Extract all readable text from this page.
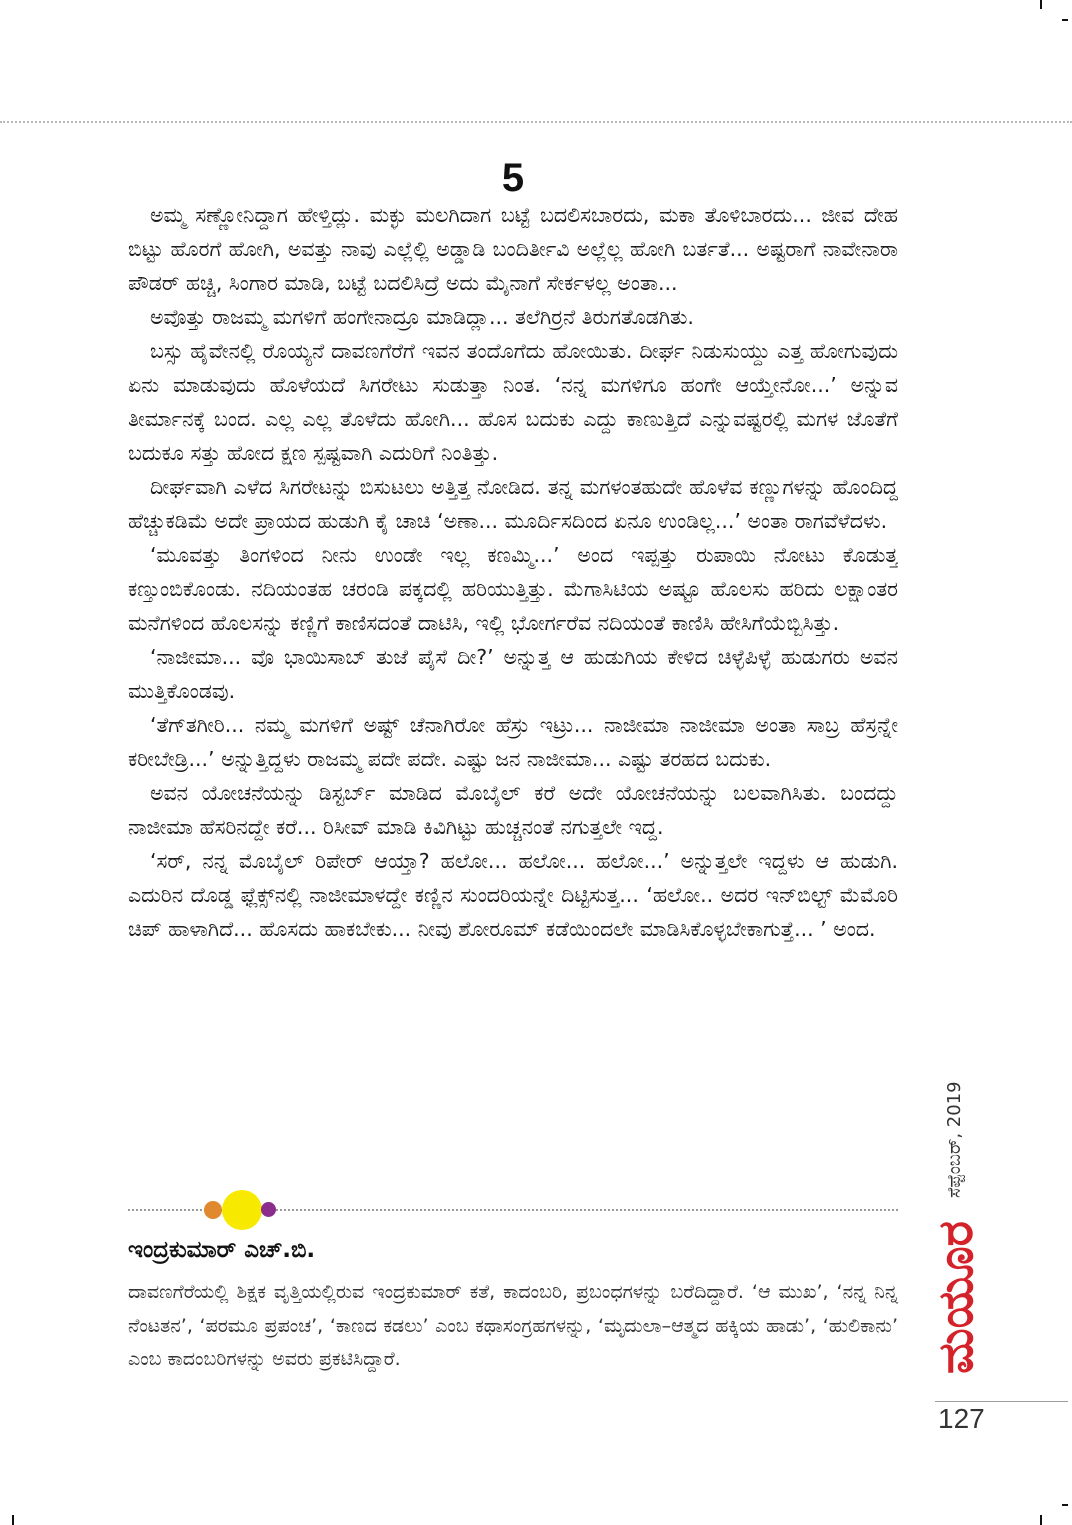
5

ಅಮ್ಮ ಸಣ್ಣೋನಿದ್ದಾಗ ಹೇಳ್ತಿದ್ಲು. ಮಕ್ಳು ಮಲಗಿದಾಗ ಬಟ್ಟೆ ಬದಲಿಸಬಾರದು, ಮಕಾ ತೊಳಿಬಾರದು... ಜೀವ ದೇಹ ಬಿಟ್ಟು ಹೊರಗೆ ಹೋಗಿ, ಅವತ್ತು ನಾವು ಎಲ್ಲೆಲ್ಲಿ ಅಡ್ಡಾಡಿ ಬಂದಿರ್ತೀವಿ ಅಲ್ಲೆಲ್ಲ ಹೋಗಿ ಬರ್ತತೆ... ಅಷ್ಟರಾಗೆ ನಾವೇನಾರಾ ಪೌಡರ್ ಹಚ್ಚಿ, ಸಿಂಗಾರ ಮಾಡಿ, ಬಟ್ಟೆ ಬದಲಿಸಿದ್ರೆ ಅದು ಮೈನಾಗೆ ಸೇರ್ಕಳಲ್ಲ ಅಂತಾ...

ಅವೊತ್ತು ರಾಜಮ್ಮ ಮಗಳಿಗೆ ಹಂಗೇನಾದ್ರೂ ಮಾಡಿದ್ಲಾ... ತಲೆಗಿರ್ರನೆ ತಿರುಗತೊಡಗಿತು.

ಬಸ್ಸು ಹೈವೇನಲ್ಲಿ ರೊಯ್ಯನೆ ದಾವಣಗೆರೆಗೆ ಇವನ ತಂದೊಗೆದು ಹೋಯಿತು. ದೀರ್ಘ ನಿಡುಸುಯ್ದು ಎತ್ತ ಹೋಗುವುದು ಏನು ಮಾಡುವುದು ಹೊಳೆಯದೆ ಸಿಗರೇಟು ಸುಡುತ್ತಾ ನಿಂತ. ‘ನನ್ನ ಮಗಳಿಗೂ ಹಂಗೇ ಆಯ್ತೇನೋ...’ ಅನ್ನುವ ತೀರ್ಮಾನಕ್ಕೆ ಬಂದ. ಎಲ್ಲ ಎಲ್ಲ ತೊಳೆದು ಹೋಗಿ... ಹೊಸ ಬದುಕು ಎದ್ದು ಕಾಣುತ್ತಿದೆ ಎನ್ನುವಷ್ಟರಲ್ಲಿ ಮಗಳ ಜೊತೆಗೆ ಬದುಕೂ ಸತ್ತು ಹೋದ ಕ್ಷಣ ಸ್ಪಷ್ಟವಾಗಿ ಎದುರಿಗೆ ನಿಂತಿತ್ತು.

ದೀರ್ಘವಾಗಿ ಎಳೆದ ಸಿಗರೇಟನ್ನು ಬಿಸುಟಲು ಅತ್ತಿತ್ತ ನೋಡಿದ. ತನ್ನ ಮಗಳಂತಹುದೇ ಹೊಳೆವ ಕಣ್ಣುಗಳನ್ನು ಹೊಂದಿದ್ದ ಹೆಚ್ಚುಕಡಿಮೆ ಅದೇ ಪ್ರಾಯದ ಹುಡುಗಿ ಕೈ ಚಾಚಿ ‘ಅಣಾ... ಮೂರ್ದಿಸದಿಂದ ಏನೂ ಉಂಡಿಲ್ಲ...’ ಅಂತಾ ರಾಗವೆಳೆದಳು.

‘ಮೂವತ್ತು ತಿಂಗಳಿಂದ ನೀನು ಉಂಡೇ ಇಲ್ಲ ಕಣಮ್ಮಿ...’ ಅಂದ ಇಪ್ಪತ್ತು ರುಪಾಯಿ ನೋಟು ಕೊಡುತ್ತ ಕಣ್ತುಂಬಿಕೊಂಡು. ನದಿಯಂತಹ ಚರಂಡಿ ಪಕ್ಕದಲ್ಲಿ ಹರಿಯುತ್ತಿತ್ತು. ಮೆಗಾಸಿಟಿಯ ಅಷ್ಟೂ ಹೊಲಸು ಹರಿದು ಲಕ್ಷಾಂತರ ಮನೆಗಳಿಂದ ಹೊಲಸನ್ನು ಕಣ್ಣಿಗೆ ಕಾಣಿಸದಂತೆ ದಾಟಿಸಿ, ಇಲ್ಲಿ ಭೋರ್ಗರೆವ ನದಿಯಂತೆ ಕಾಣಿಸಿ ಹೇಸಿಗೆಯೆಬ್ಬಿಸಿತ್ತು.

‘ನಾಜೀಮಾ... ವೊ ಭಾಯಿಸಾಬ್ ತುಜೆ ಪೈಸೆ ದೀ?’ ಅನ್ನುತ್ತ ಆ ಹುಡುಗಿಯ ಕೇಳಿದ ಚಿಳ್ಳೆಪಿಳ್ಳೆ ಹುಡುಗರು ಅವನ ಮುತ್ತಿಕೊಂಡವು.

‘ತೆಗ್‌ತಗೀರಿ... ನಮ್ಮ ಮಗಳಿಗೆ ಅಷ್ಟ್ ಚೆನಾಗಿರೋ ಹೆಸ್ರು ಇಟ್ರು... ನಾಜೀಮಾ ನಾಜೀಮಾ ಅಂತಾ ಸಾಬ್ರ ಹೆಸ್ರನ್ನೇ ಕರೀಬೇಡ್ರಿ...’ ಅನ್ನುತ್ತಿದ್ದಳು ರಾಜಮ್ಮ ಪದೇ ಪದೇ. ಎಷ್ಟು ಜನ ನಾಜೀಮಾ... ಎಷ್ಟು ತರಹದ ಬದುಕು.

ಅವನ ಯೋಚನೆಯನ್ನು ಡಿಸ್ಟರ್ಬ್ ಮಾಡಿದ ಮೊಬೈಲ್ ಕರೆ ಅದೇ ಯೋಚನೆಯನ್ನು ಬಲವಾಗಿಸಿತು. ಬಂದದ್ದು ನಾಜೀಮಾ ಹೆಸರಿನದ್ದೇ ಕರೆ... ರಿಸೀವ್ ಮಾಡಿ ಕಿವಿಗಿಟ್ಟು ಹುಚ್ಚನಂತೆ ನಗುತ್ತಲೇ ಇದ್ದ.

‘ಸರ್, ನನ್ನ ಮೊಬೈಲ್ ರಿಪೇರ್ ಆಯ್ತಾ? ಹಲೋ... ಹಲೋ... ಹಲೋ...’ ಅನ್ನುತ್ತಲೇ ಇದ್ದಳು ಆ ಹುಡುಗಿ. ಎದುರಿನ ದೊಡ್ಡ ಫ್ಲೆಕ್ಸ್‌ನಲ್ಲಿ ನಾಜೀಮಾಳದ್ದೇ ಕಣ್ಣಿನ ಸುಂದರಿಯನ್ನೇ ದಿಟ್ಟಿಸುತ್ತ... ‘ಹಲೋ.. ಅದರ ಇನ್‌ಬಿಲ್ಟ್ ಮೆಮೊರಿ ಚಿಪ್ ಹಾಳಾಗಿದೆ... ಹೊಸದು ಹಾಕಬೇಕು... ನೀವು ಶೋರೂಮ್ ಕಡೆಯಿಂದಲೇ ಮಾಡಿಸಿಕೊಳ್ಳಬೇಕಾಗುತ್ತೆ... ’ ಅಂದ.

ಇಂದ್ರಕುಮಾರ್ ಎಚ್.ಬಿ.

ದಾವಣಗೆರೆಯಲ್ಲಿ ಶಿಕ್ಷಕ ವೃತ್ತಿಯಲ್ಲಿರುವ ಇಂದ್ರಕುಮಾರ್ ಕತೆ, ಕಾದಂಬರಿ, ಪ್ರಬಂಧಗಳನ್ನು ಬರೆದಿದ್ದಾರೆ. ‘ಆ ಮುಖ’, ‘ನನ್ನ ನಿನ್ನ ನೆಂಟತನ’, ‘ಪರಮೂ ಪ್ರಪಂಚ’, ‘ಕಾಣದ ಕಡಲು’ ಎಂಬ ಕಥಾಸಂಗ್ರಹಗಳನ್ನು, ‘ಮೃದುಲಾ–ಆತ್ಮದ ಹಕ್ಕಿಯ ಹಾಡು’, ‘ಹುಲಿಕಾನು’ ಎಂಬ ಕಾದಂಬರಿಗಳನ್ನು ಅವರು ಪ್ರಕಟಿಸಿದ್ದಾರೆ.

ಸೆಪ್ಟೆಂಬರ್, 2019
ಮಯೂರ
127
